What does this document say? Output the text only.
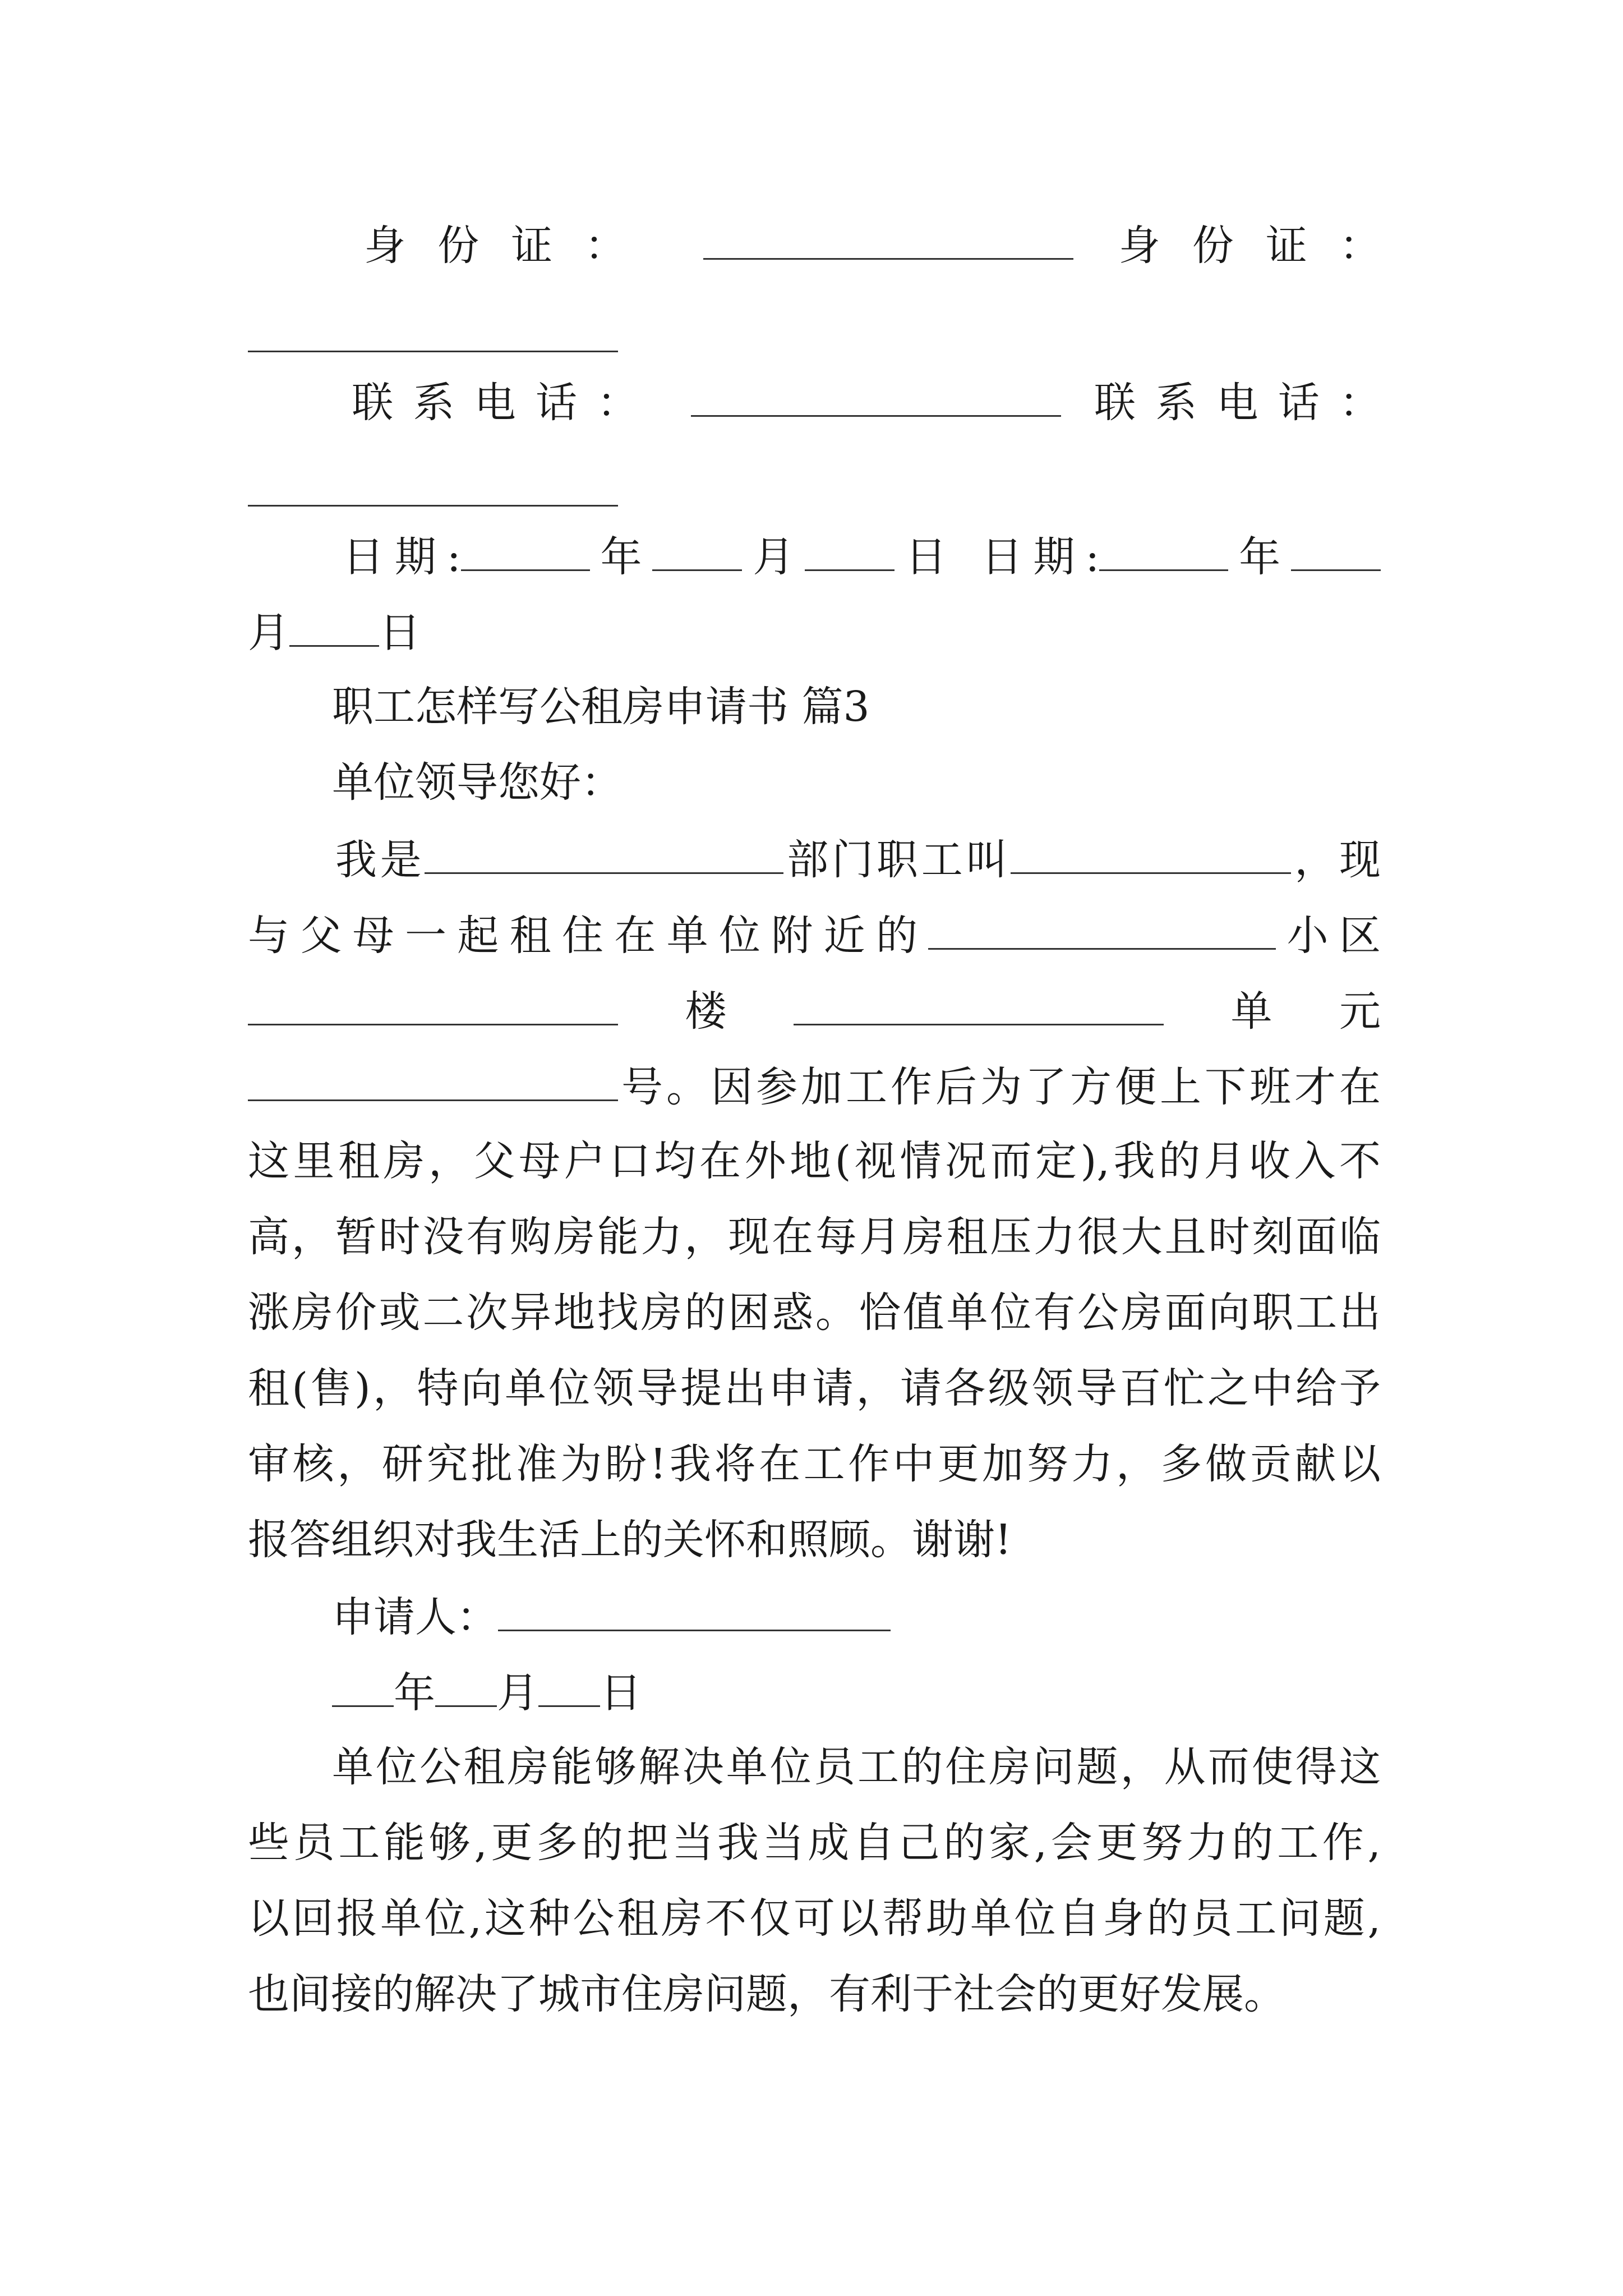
身份证：	身份证：
联系电话：	联系电话：
日期:	年 月 日 日期:	年
月 日
职工怎样写公租房申请书 篇3
单位领导您好：
我是	部门职工叫	，现
与父母一起租住在单位附近的	小区
楼	单元
号。因参加工作后为了方便上下班才在
这里租房，父母户口均在外地(视情况而定),我的月收入不
高，暂时没有购房能力，现在每月房租压力很大且时刻面临
涨房价或二次异地找房的困惑。恰值单位有公房面向职工出
租(售)，特向单位领导提出申请，请各级领导百忙之中给予
审核，研究批准为盼!我将在工作中更加努力，多做贡献以
报答组织对我生活上的关怀和照顾。谢谢!
申请人：
年 月 日
单位公租房能够解决单位员工的住房问题，从而使得这
些员工能够,更多的把当我当成自己的家,会更努力的工作,
以回报单位,这种公租房不仅可以帮助单位自身的员工问题,
也间接的解决了城市住房问题，有利于社会的更好发展。
